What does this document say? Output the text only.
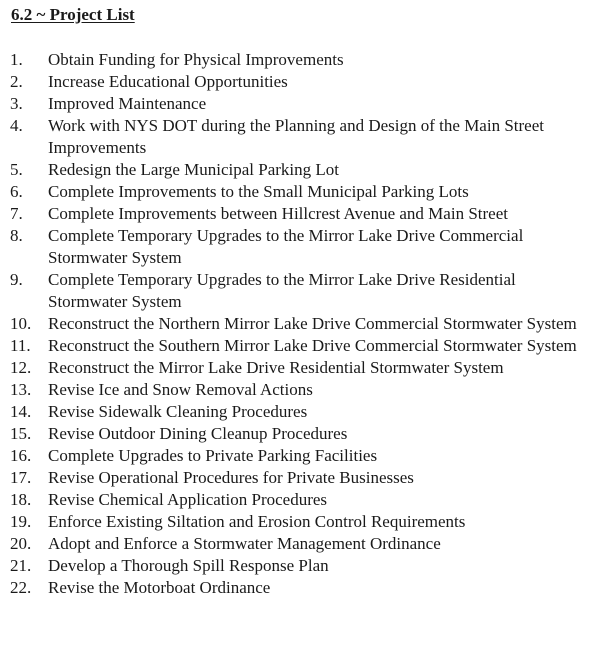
6.2 ~ Project List
1. Obtain Funding for Physical Improvements
2. Increase Educational Opportunities
3. Improved Maintenance
4. Work with NYS DOT during the Planning and Design of the Main Street Improvements
5. Redesign the Large Municipal Parking Lot
6. Complete Improvements to the Small Municipal Parking Lots
7. Complete Improvements between Hillcrest Avenue and Main Street
8. Complete Temporary Upgrades to the Mirror Lake Drive Commercial Stormwater System
9. Complete Temporary Upgrades to the Mirror Lake Drive Residential Stormwater System
10. Reconstruct the Northern Mirror Lake Drive Commercial Stormwater System
11. Reconstruct the Southern Mirror Lake Drive Commercial Stormwater System
12. Reconstruct the Mirror Lake Drive Residential Stormwater System
13. Revise Ice and Snow Removal Actions
14. Revise Sidewalk Cleaning Procedures
15. Revise Outdoor Dining Cleanup Procedures
16. Complete Upgrades to Private Parking Facilities
17. Revise Operational Procedures for Private Businesses
18. Revise Chemical Application Procedures
19. Enforce Existing Siltation and Erosion Control Requirements
20. Adopt and Enforce a Stormwater Management Ordinance
21. Develop a Thorough Spill Response Plan
22. Revise the Motorboat Ordinance
